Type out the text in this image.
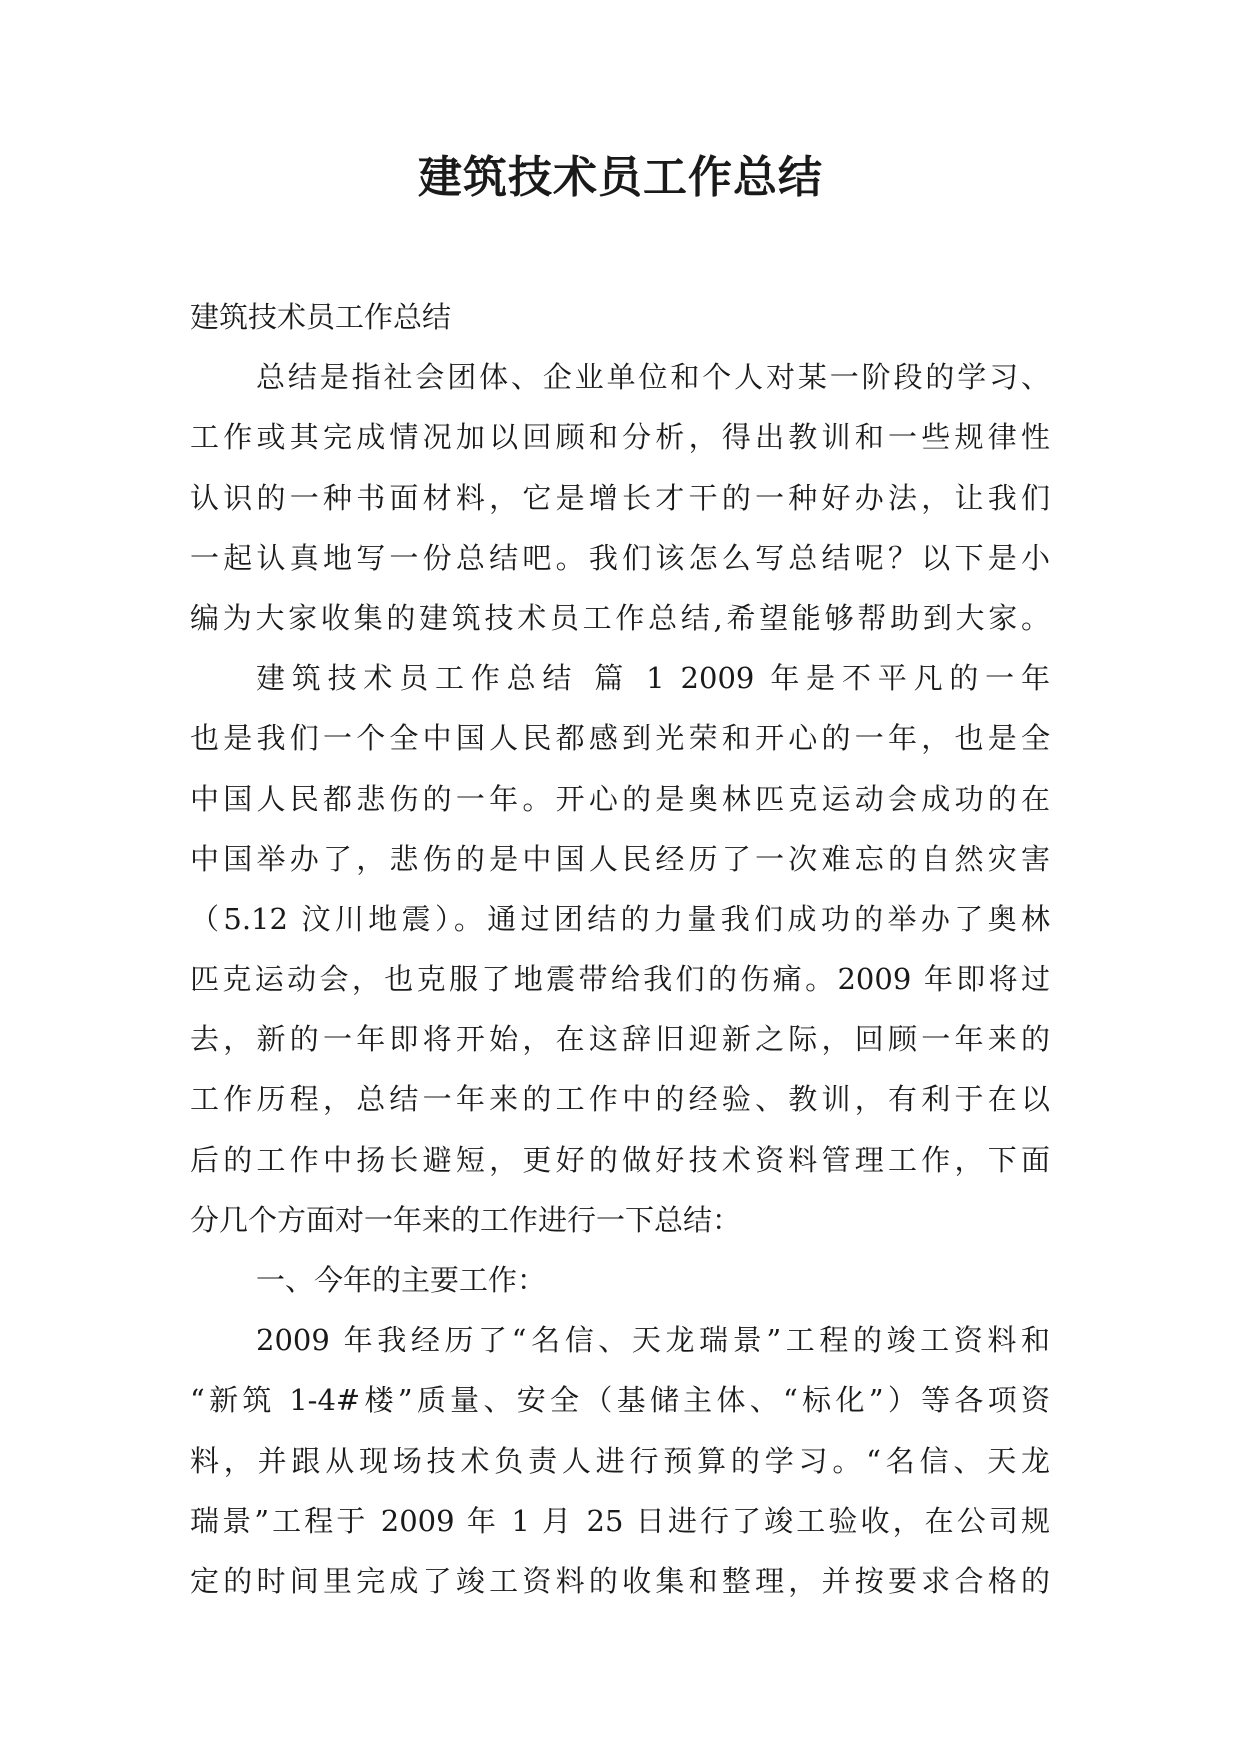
建筑技术员工作总结
建筑技术员工作总结
总结是指社会团体、企业单位和个人对某一阶段的学习、
工作或其完成情况加以回顾和分析，得出教训和一些规律性
认识的一种书面材料，它是增长才干的一种好办法，让我们
一起认真地写一份总结吧。我们该怎么写总结呢？以下是小
编为大家收集的建筑技术员工作总结,希望能够帮助到大家。
建筑技术员工作总结 篇 1 2009 年是不平凡的一年
也是我们一个全中国人民都感到光荣和开心的一年，也是全
中国人民都悲伤的一年。开心的是奥林匹克运动会成功的在
中国举办了，悲伤的是中国人民经历了一次难忘的自然灾害
（5.12 汶川地震）。通过团结的力量我们成功的举办了奥林
匹克运动会，也克服了地震带给我们的伤痛。2009 年即将过
去，新的一年即将开始，在这辞旧迎新之际，回顾一年来的
工作历程，总结一年来的工作中的经验、教训，有利于在以
后的工作中扬长避短，更好的做好技术资料管理工作，下面
分几个方面对一年来的工作进行一下总结：
一、今年的主要工作：
2009 年我经历了“名信、天龙瑞景”工程的竣工资料和
“新筑 1-4#楼”质量、安全（基储主体、“标化”）等各项资
料，并跟从现场技术负责人进行预算的学习。“名信、天龙
瑞景”工程于 2009 年 1 月 25 日进行了竣工验收，在公司规
定的时间里完成了竣工资料的收集和整理，并按要求合格的
